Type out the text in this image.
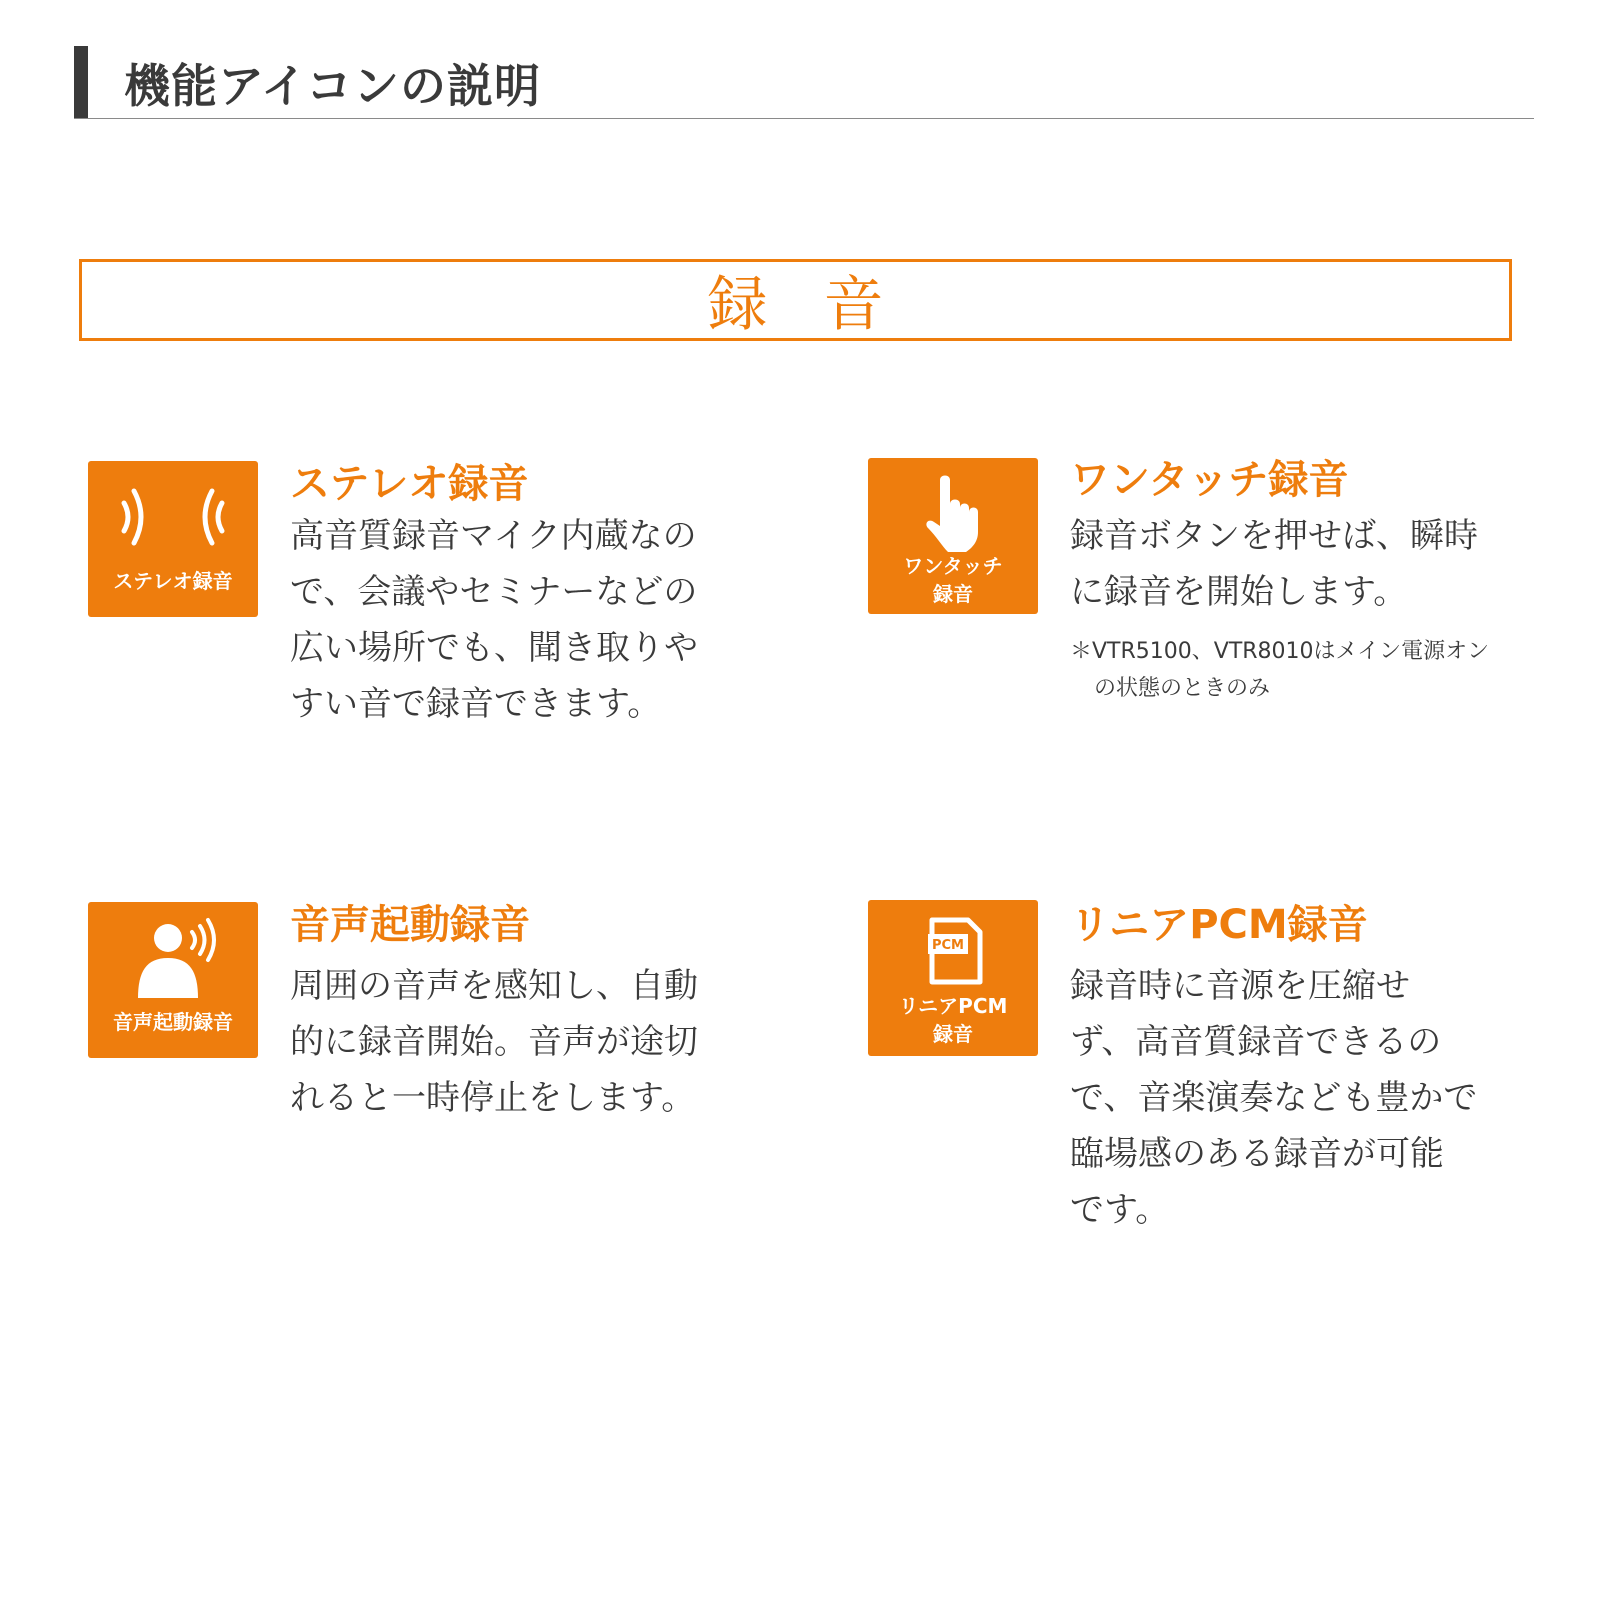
機能アイコンの説明
録音
ステレオ録音
ステレオ録音
高音質録音マイク内蔵なの
で、会議やセミナーなどの
広い場所でも、聞き取りや
すい音で録音できます。
ワンタッチ
録音
ワンタッチ録音
録音ボタンを押せば、瞬時
に録音を開始します。
＊VTR5100、VTR8010はメイン電源オン
の状態のときのみ
音声起動録音
音声起動録音
周囲の音声を感知し、自動
的に録音開始。音声が途切
れると一時停止をします。
PCM
リニアPCM
録音
リニアPCM録音
録音時に音源を圧縮せ
ず、高音質録音できるの
で、音楽演奏なども豊かで
臨場感のある録音が可能
です。
